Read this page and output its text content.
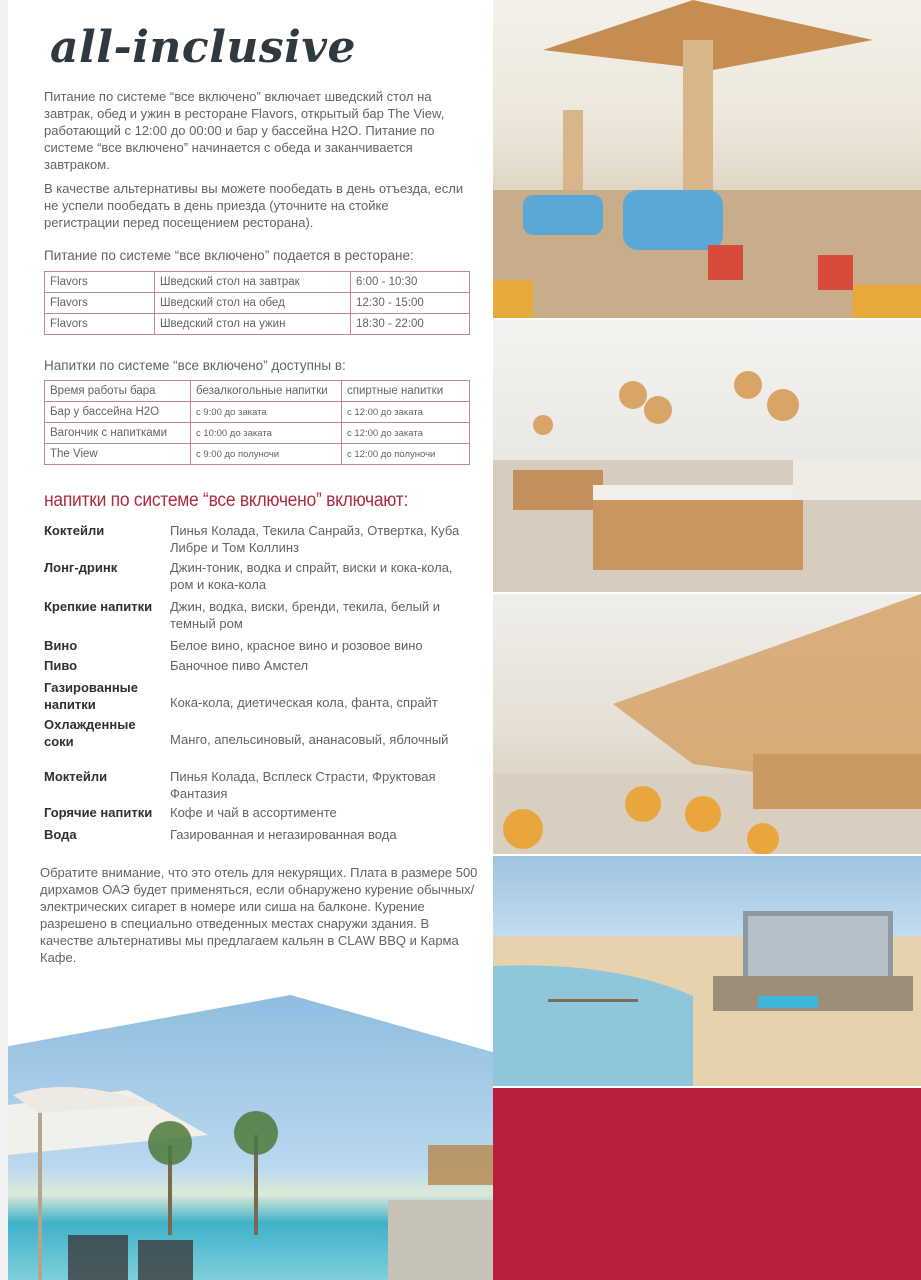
all-inclusive

Питание по системе “все включено” включает шведский стол на завтрак, обед и ужин в ресторане Flavors, открытый бар The View, работающий с 12:00 до 00:00 и бар у бассейна H2O. Питание по системе “все включено” начинается с обеда и заканчивается завтраком.

В качестве альтернативы вы можете пообедать в день отъезда, если не успели пообедать в день приезда (уточните на стойке регистрации перед посещением ресторана).

Питание по системе “все включено” подается в ресторане:
Flavors	Шведский стол на завтрак	6:00 - 10:30
Flavors	Шведский стол на обед	12:30 - 15:00
Flavors	Шведский стол на ужин	18:30 - 22:00
Напитки по системе “все включено” доступны в:
Время работы бара	безалкогольные напитки	спиртные напитки
Бар у бассейна H2O	с 9:00 до заката	с 12:00 до заката
Вагончик с напитками	с 10:00 до заката	с 12:00 до заката
The View	с 9:00 до полуночи	с 12:00 до полуночи
напитки по системе “все включено” включают:
Коктейли	Пинья Колада, Текила Санрайз, Отвертка, Куба Либре и Том Коллинз
Лонг-дринк	Джин-тоник, водка и спрайт, виски и кока-кола, ром и кока-кола
Крепкие напитки	Джин, водка, виски, бренди, текила, белый и темный ром
Вино	Белое вино, красное вино и розовое вино
Пиво	Баночное пиво Амстел
Газированные напитки	Кока-кола, диетическая кола, фанта, спрайт
Охлажденные соки	Манго, апельсиновый, ананасовый, яблочный
Моктейли	Пинья Колада, Всплеск Страсти, Фруктовая Фантазия
Горячие напитки	Кофе и чай в ассортименте
Вода	Газированная и негазированная вода

Обратите внимание, что это отель для некурящих. Плата в размере 500 дирхамов ОАЭ будет применяться, если обнаружено курение обычных/электрических сигарет в номере или сиша на балконе. Курение разрешено в специально отведенных местах снаружи здания. В качестве альтернативы мы предлагаем кальян в CLAW BBQ и Карма Кафе.
